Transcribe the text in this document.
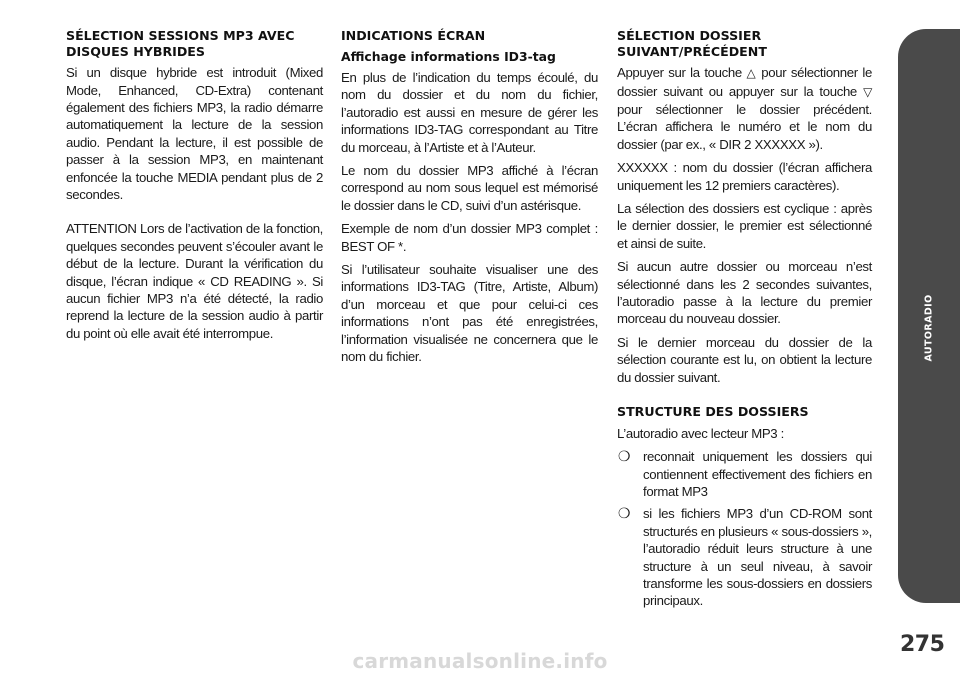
SÉLECTION SESSIONS MP3 AVEC DISQUES HYBRIDES

Si un disque hybride est introduit (Mixed Mode, Enhanced, CD-Extra) contenant également des fichiers MP3, la radio démarre automatiquement la lecture de la session audio. Pendant la lecture, il est possible de passer à la session MP3, en maintenant enfoncée la touche MEDIA pendant plus de 2 secondes.

ATTENTION Lors de l’activation de la fonction, quelques secondes peuvent s’écouler avant le début de la lecture. Durant la vérification du disque, l’écran indique « CD READING ». Si aucun fichier MP3 n’a été détecté, la radio reprend la lecture de la session audio à partir du point où elle avait été interrompue.

INDICATIONS ÉCRAN
Affichage informations ID3-tag

En plus de l’indication du temps écoulé, du nom du dossier et du nom du fichier, l’autoradio est aussi en mesure de gérer les informations ID3-TAG correspondant au Titre du morceau, à l’Artiste et à l’Auteur.

Le nom du dossier MP3 affiché à l’écran correspond au nom sous lequel est mémorisé le dossier dans le CD, suivi d’un astérisque.

Exemple de nom d’un dossier MP3 complet : BEST OF *.

Si l’utilisateur souhaite visualiser une des informations ID3-TAG (Titre, Artiste, Album) d’un morceau et que pour celui-ci ces informations n’ont pas été enregistrées, l’information visualisée ne concernera que le nom du fichier.

SÉLECTION DOSSIER SUIVANT/PRÉCÉDENT

Appuyer sur la touche △ pour sélectionner le dossier suivant ou appuyer sur la touche ▽ pour sélectionner le dossier précédent. L’écran affichera le numéro et le nom du dossier (par ex., « DIR 2 XXXXXX »).

XXXXXX : nom du dossier (l’écran affichera uniquement les 12 premiers caractères).

La sélection des dossiers est cyclique : après le dernier dossier, le premier est sélectionné et ainsi de suite.

Si aucun autre dossier ou morceau n’est sélectionné dans les 2 secondes suivantes, l’autoradio passe à la lecture du premier morceau du nouveau dossier.

Si le dernier morceau du dossier de la sélection courante est lu, on obtient la lecture du dossier suivant.

STRUCTURE DES DOSSIERS

L’autoradio avec lecteur MP3 :

❍ reconnait uniquement les dossiers qui contiennent effectivement des fichiers en format MP3
❍ si les fichiers MP3 d’un CD-ROM sont structurés en plusieurs « sous-dossiers », l’autoradio réduit leurs structure à une structure à un seul niveau, à savoir transforme les sous-dossiers en dossiers principaux.
AUTORADIO
275
carmanualsonline.info
